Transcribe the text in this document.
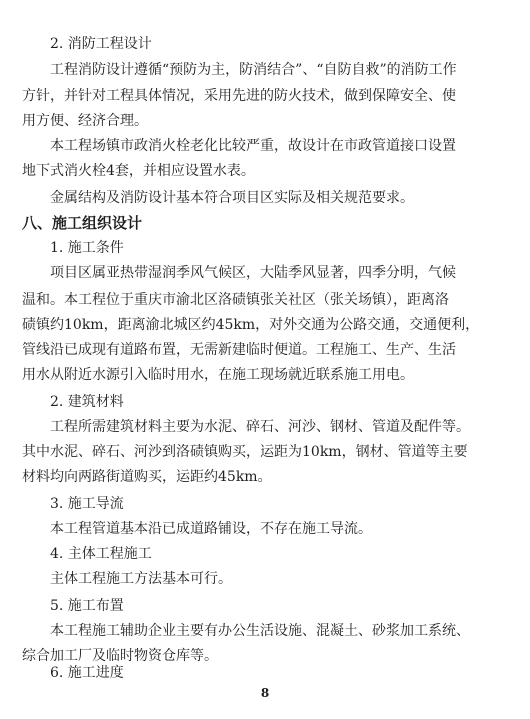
2. 消防工程设计
工程消防设计遵循“预防为主，防消结合”、“自防自救”的消防工作
方针，并针对工程具体情况，采用先进的防火技术，做到保障安全、使
用方便、经济合理。
本工程场镇市政消火栓老化比较严重，故设计在市政管道接口设置
地下式消火栓4套，并相应设置水表。
金属结构及消防设计基本符合项目区实际及相关规范要求。
八、施工组织设计
1. 施工条件
项目区属亚热带湿润季风气候区，大陆季风显著，四季分明，气候
温和。本工程位于重庆市渝北区洛碛镇张关社区（张关场镇），距离洛
碛镇约10km，距离渝北城区约45km，对外交通为公路交通，交通便利，
管线沿已成现有道路布置，无需新建临时便道。工程施工、生产、生活
用水从附近水源引入临时用水，在施工现场就近联系施工用电。
2. 建筑材料
工程所需建筑材料主要为水泥、碎石、河沙、钢材、管道及配件等。
其中水泥、碎石、河沙到洛碛镇购买，运距为10km，钢材、管道等主要
材料均向两路街道购买，运距约45km。
3. 施工导流
本工程管道基本沿已成道路铺设，不存在施工导流。
4. 主体工程施工
主体工程施工方法基本可行。
5. 施工布置
本工程施工辅助企业主要有办公生活设施、混凝土、砂浆加工系统、
综合加工厂及临时物资仓库等。
6. 施工进度
8
